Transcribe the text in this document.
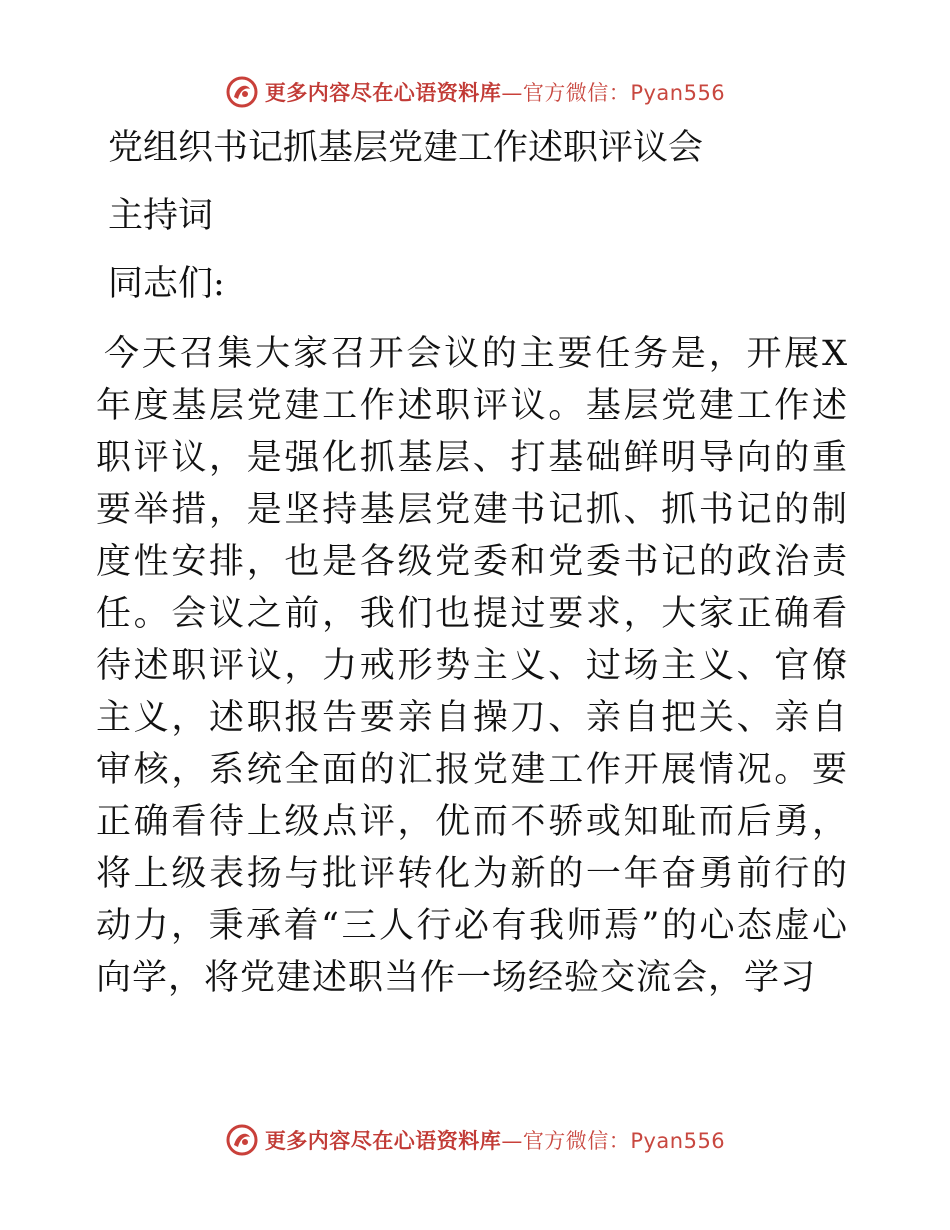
更多内容尽在心语资料库—官方微信：Pyan556
党组织书记抓基层党建工作述职评议会
主持词
同志们:
今天召集大家召开会议的主要任务是，开展X年度基层党建工作述职评议。基层党建工作述职评议，是强化抓基层、打基础鲜明导向的重要举措，是坚持基层党建书记抓、抓书记的制度性安排，也是各级党委和党委书记的政治责任。会议之前，我们也提过要求，大家正确看待述职评议，力戒形势主义、过场主义、官僚主义，述职报告要亲自操刀、亲自把关、亲自审核，系统全面的汇报党建工作开展情况。要正确看待上级点评，优而不骄或知耻而后勇，将上级表扬与批评转化为新的一年奋勇前行的动力，秉承着“三人行必有我师焉”的心态虚心向学，将党建述职当作一场经验交流会，学习
更多内容尽在心语资料库—官方微信：Pyan556
